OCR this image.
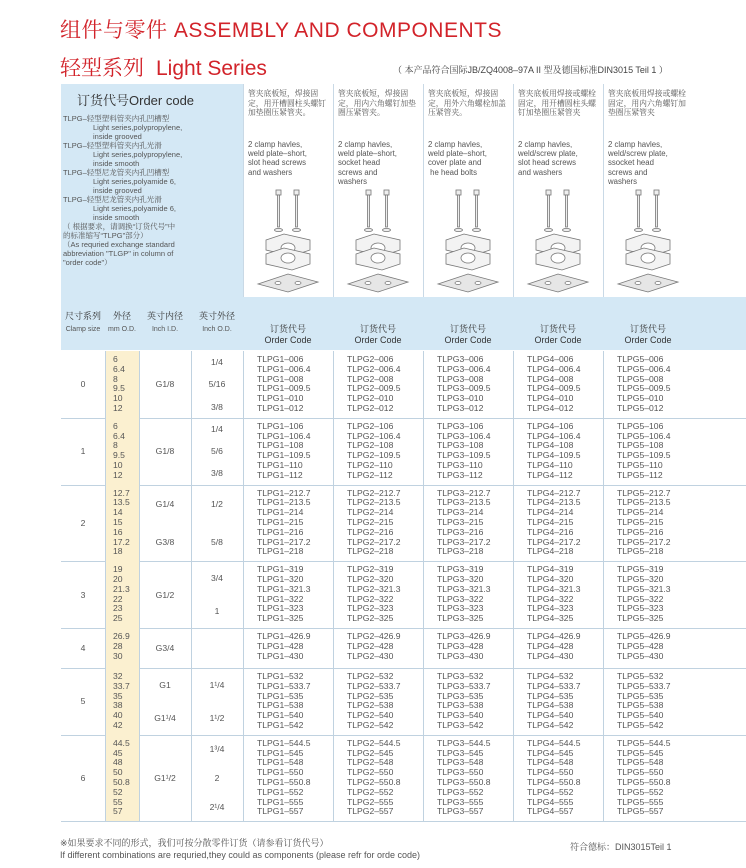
组件与零件 ASSEMBLY AND COMPONENTS
轻型系列 Light Series	（ 本产品符合国际JB/ZQ4008–97A II 型及德国标准DIN3015 Teil 1 ）
订货代号Order code
TLPG–轻型塑料管夹内孔凹槽型
Light series,polypropylene,
inside grooved
TLPG–轻型塑料管夹内孔光滑
Light series,polypropylene,
inside smooth
TLPG–轻型尼龙管夹内孔凹槽型
Light series,polyamide 6,
inside grooved
TLPG–轻型尼龙管夹内孔光滑
Light series,polyamide 6,
inside smooth
（ 根据要求，请调换“订货代号”中
的标准缩写“TLPG”部分）
（As requried exchange standard
abbreviation "TLGP" in column of
"order code"）
管夹底板短，焊接固定，用开槽圆柱头螺钉加垫圈压紧管夹。
2 clamp havles,
weld plate–short,
slot head screws
and washers
管夹底板短，焊接固定，用内六角螺钉加垫圈压紧管夹。
2 clamp havles,
weld plate–short,
socket head
screws and
washers
管夹底板短，焊接固定，用外六角螺栓加盖压紧管夹。
2 clamp havles,
weld plate–short,
cover plate and
he head bolts
管夹底板用焊接或螺栓固定，用开槽圆柱头螺钉加垫圈压紧管夹
2 clamp havles,
weld/screw plate,
slot head screws
and washers
管夹底板用焊接或螺栓固定，用内六角螺钉加垫圈压紧管夹
2 clamp havles,
weld/screw plate,
ssocket head
screws and
washers
尺寸系列
Clamp size
外径
mm O.D.
英寸内径
Inch I.D.
英寸外径
Inch O.D.	订货代号
Order Code
订货代号
Order Code
订货代号
Order Code
订货代号
Order Code
订货代号
Order Code
0
6
6.4
8
9.5
10
12
G1/8
1/4
5/16
3/8
TLPG1–006
TLPG1–006.4
TLPG1–008
TLPG1–009.5
TLPG1–010
TLPG1–012
TLPG2–006
TLPG2–006.4
TLPG2–008
TLPG2–009.5
TLPG2–010
TLPG2–012
TLPG3–006
TLPG3–006.4
TLPG3–008
TLPG3–009.5
TLPG3–010
TLPG3–012
TLPG4–006
TLPG4–006.4
TLPG4–008
TLPG4–009.5
TLPG4–010
TLPG4–012
TLPG5–006
TLPG5–006.4
TLPG5–008
TLPG5–009.5
TLPG5–010
TLPG5–012
1
6
6.4
8
9.5
10
12
G1/8
1/4
5/6
3/8
TLPG1–106
TLPG1–106.4
TLPG1–108
TLPG1–109.5
TLPG1–110
TLPG1–112
TLPG2–106
TLPG2–106.4
TLPG2–108
TLPG2–109.5
TLPG2–110
TLPG2–112
TLPG3–106
TLPG3–106.4
TLPG3–108
TLPG3–109.5
TLPG3–110
TLPG3–112
TLPG4–106
TLPG4–106.4
TLPG4–108
TLPG4–109.5
TLPG4–110
TLPG4–112
TLPG5–106
TLPG5–106.4
TLPG5–108
TLPG5–109.5
TLPG5–110
TLPG5–112
2
12.7
13.5
14
15
16
17.2
18
G1/4
G3/8
1/2
5/8
TLPG1–212.7
TLPG1–213.5
TLPG1–214
TLPG1–215
TLPG1–216
TLPG1–217.2
TLPG1–218
TLPG2–212.7
TLPG2–213.5
TLPG2–214
TLPG2–215
TLPG2–216
TLPG2–217.2
TLPG2–218
TLPG3–212.7
TLPG3–213.5
TLPG3–214
TLPG3–215
TLPG3–216
TLPG3–217.2
TLPG3–218
TLPG4–212.7
TLPG4–213.5
TLPG4–214
TLPG4–215
TLPG4–216
TLPG4–217.2
TLPG4–218
TLPG5–212.7
TLPG5–213.5
TLPG5–214
TLPG5–215
TLPG5–216
TLPG5–217.2
TLPG5–218
3
19
20
21.3
22
23
25
G1/2
3/4
1
TLPG1–319
TLPG1–320
TLPG1–321.3
TLPG1–322
TLPG1–323
TLPG1–325
TLPG2–319
TLPG2–320
TLPG2–321.3
TLPG2–322
TLPG2–323
TLPG2–325
TLPG3–319
TLPG3–320
TLPG3–321.3
TLPG3–322
TLPG3–323
TLPG3–325
TLPG4–319
TLPG4–320
TLPG4–321.3
TLPG4–322
TLPG4–323
TLPG4–325
TLPG5–319
TLPG5–320
TLPG5–321.3
TLPG5–322
TLPG5–323
TLPG5–325
4
26.9
28
30
G3/4
TLPG1–426.9
TLPG1–428
TLPG1–430
TLPG2–426.9
TLPG2–428
TLPG2–430
TLPG3–426.9
TLPG3–428
TLPG3–430
TLPG4–426.9
TLPG4–428
TLPG4–430
TLPG5–426.9
TLPG5–428
TLPG5–430
5
32
33.7
35
38
40
42
G1
G1¹/4
1¹/4
1¹/2
TLPG1–532
TLPG1–533.7
TLPG1–535
TLPG1–538
TLPG1–540
TLPG1–542
TLPG2–532
TLPG2–533.7
TLPG2–535
TLPG2–538
TLPG2–540
TLPG2–542
TLPG3–532
TLPG3–533.7
TLPG3–535
TLPG3–538
TLPG3–540
TLPG3–542
TLPG4–532
TLPG4–533.7
TLPG4–535
TLPG4–538
TLPG4–540
TLPG4–542
TLPG5–532
TLPG5–533.7
TLPG5–535
TLPG5–538
TLPG5–540
TLPG5–542
6
44.5
45
48
50
50.8
52
55
57
G1¹/2
1³/4
2
2¹/4
TLPG1–544.5
TLPG1–545
TLPG1–548
TLPG1–550
TLPG1–550.8
TLPG1–552
TLPG1–555
TLPG1–557
TLPG2–544.5
TLPG2–545
TLPG2–548
TLPG2–550
TLPG2–550.8
TLPG2–552
TLPG2–555
TLPG2–557
TLPG3–544.5
TLPG3–545
TLPG3–548
TLPG3–550
TLPG3–550.8
TLPG3–552
TLPG3–555
TLPG3–557
TLPG4–544.5
TLPG4–545
TLPG4–548
TLPG4–550
TLPG4–550.8
TLPG4–552
TLPG4–555
TLPG4–557
TLPG5–544.5
TLPG5–545
TLPG5–548
TLPG5–550
TLPG5–550.8
TLPG5–552
TLPG5–555
TLPG5–557
※如果要求不同的形式，我们可按分散零件订货（请参看订货代号）
If different combinations are requried,they could as components (please refr for orde code)
符合德标：DIN3015Teil 1
